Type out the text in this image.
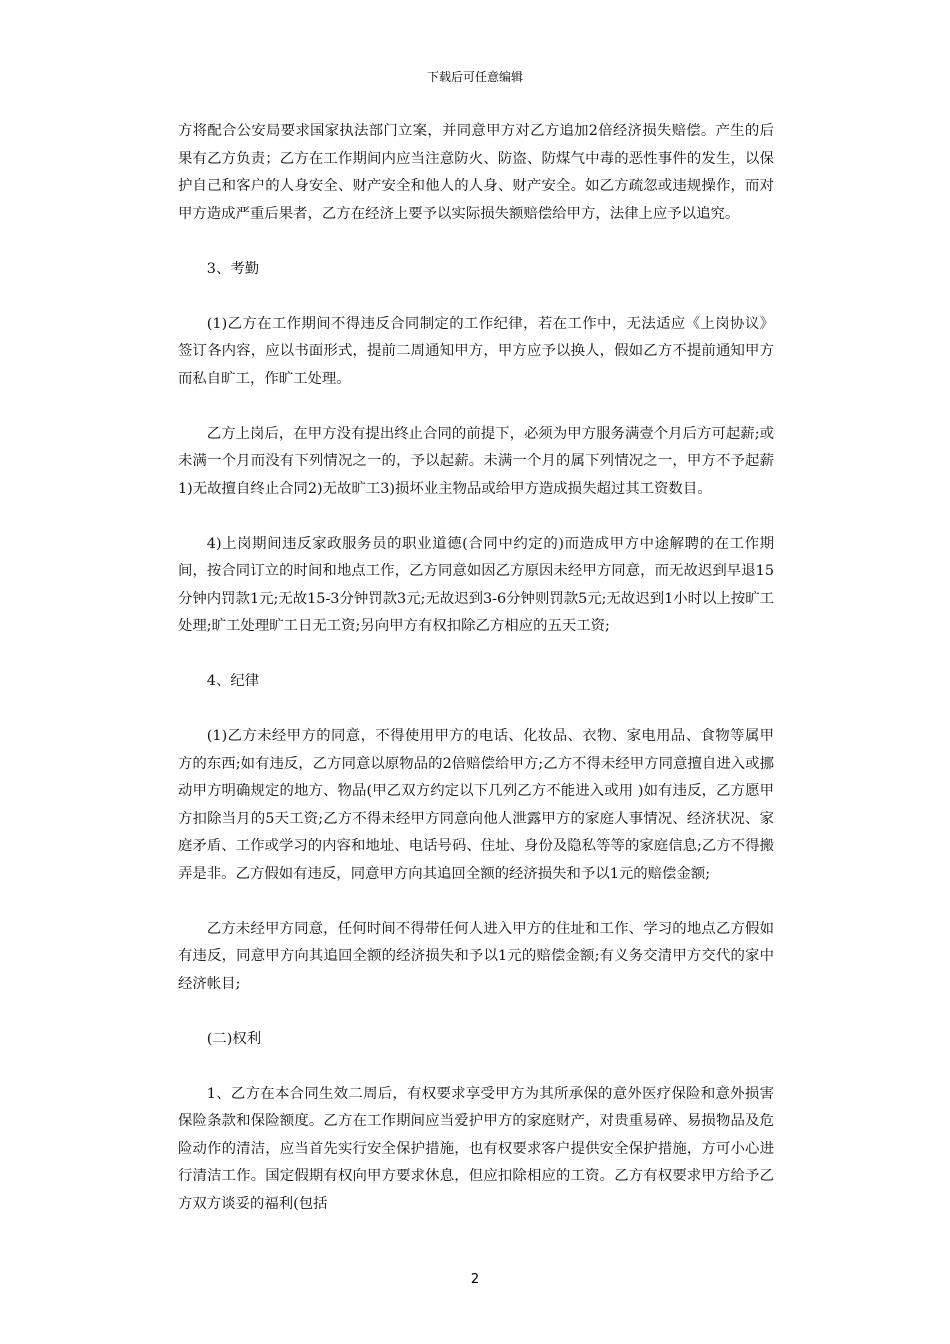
下载后可任意编辑

方将配合公安局要求国家执法部门立案，并同意甲方对乙方追加2倍经济损失赔偿。产生的后果有乙方负责；乙方在工作期间内应当注意防火、防盗、防煤气中毒的恶性事件的发生，以保护自己和客户的人身安全、财产安全和他人的人身、财产安全。如乙方疏忽或违规操作，而对甲方造成严重后果者，乙方在经济上要予以实际损失额赔偿给甲方，法律上应予以追究。

3、考勤

(1)乙方在工作期间不得违反合同制定的工作纪律，若在工作中，无法适应《上岗协议》签订各内容，应以书面形式，提前二周通知甲方，甲方应予以换人，假如乙方不提前通知甲方而私自旷工，作旷工处理。

乙方上岗后，在甲方没有提出终止合同的前提下，必须为甲方服务满壹个月后方可起薪;或未满一个月而没有下列情况之一的，予以起薪。未满一个月的属下列情况之一，甲方不予起薪1)无故擅自终止合同2)无故旷工3)损坏业主物品或给甲方造成损失超过其工资数目。

4)上岗期间违反家政服务员的职业道德(合同中约定的)而造成甲方中途解聘的在工作期间，按合同订立的时间和地点工作，乙方同意如因乙方原因未经甲方同意，而无故迟到早退15分钟内罚款1元;无故15-3分钟罚款3元;无故迟到3-6分钟则罚款5元;无故迟到1小时以上按旷工处理;旷工处理旷工日无工资;另向甲方有权扣除乙方相应的五天工资;

4、纪律

(1)乙方未经甲方的同意，不得使用甲方的电话、化妆品、衣物、家电用品、食物等属甲方的东西;如有违反，乙方同意以原物品的2倍赔偿给甲方;乙方不得未经甲方同意擅自进入或挪动甲方明确规定的地方、物品(甲乙双方约定以下几列乙方不能进入或用 )如有违反，乙方愿甲方扣除当月的5天工资;乙方不得未经甲方同意向他人泄露甲方的家庭人事情况、经济状况、家庭矛盾、工作或学习的内容和地址、电话号码、住址、身份及隐私等等的家庭信息;乙方不得搬弄是非。乙方假如有违反，同意甲方向其追回全额的经济损失和予以1元的赔偿金额;

乙方未经甲方同意，任何时间不得带任何人进入甲方的住址和工作、学习的地点乙方假如有违反，同意甲方向其追回全额的经济损失和予以1元的赔偿金额;有义务交清甲方交代的家中经济帐目;

(二)权利

1、乙方在本合同生效二周后，有权要求享受甲方为其所承保的意外医疗保险和意外损害保险条款和保险额度。乙方在工作期间应当爱护甲方的家庭财产，对贵重易碎、易损物品及危险动作的清洁，应当首先实行安全保护措施，也有权要求客户提供安全保护措施，方可小心进行清洁工作。国定假期有权向甲方要求休息，但应扣除相应的工资。乙方有权要求甲方给予乙方双方谈妥的福利(包括

2
